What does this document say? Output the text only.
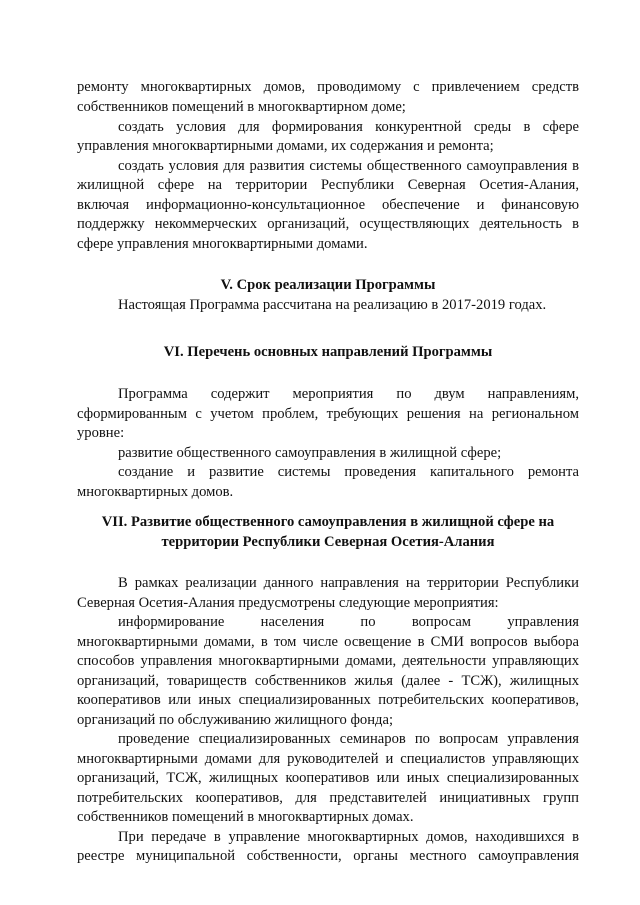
ремонту многоквартирных домов, проводимому с привлечением средств
собственников помещений в многоквартирном доме;
создать условия для формирования конкурентной среды в сфере
управления многоквартирными домами, их содержания и ремонта;
создать условия для развития системы общественного самоуправления в
жилищной сфере на территории Республики Северная Осетия-Алания,
включая информационно-консультационное обеспечение и финансовую
поддержку некоммерческих организаций, осуществляющих деятельность в
сфере управления многоквартирными домами.
V. Срок реализации Программы
Настоящая Программа рассчитана на реализацию в 2017-2019 годах.
VI. Перечень основных направлений Программы
Программа содержит мероприятия по двум направлениям,
сформированным с учетом проблем, требующих решения на региональном
уровне:
развитие общественного самоуправления в жилищной сфере;
создание и развитие системы проведения капитального ремонта
многоквартирных домов.
VII. Развитие общественного самоуправления в жилищной сфере на
территории Республики Северная Осетия-Алания
В рамках реализации данного направления на территории Республики
Северная Осетия-Алания предусмотрены следующие мероприятия:
информирование населения по вопросам управления
многоквартирными домами, в том числе освещение в СМИ вопросов выбора
способов управления многоквартирными домами, деятельности управляющих
организаций, товариществ собственников жилья (далее - ТСЖ), жилищных
кооперативов или иных специализированных потребительских кооперативов,
организаций по обслуживанию жилищного фонда;
проведение специализированных семинаров по вопросам управления
многоквартирными домами для руководителей и специалистов управляющих
организаций, ТСЖ, жилищных кооперативов или иных специализированных
потребительских кооперативов, для представителей инициативных групп
собственников помещений в многоквартирных домах.
При передаче в управление многоквартирных домов, находившихся в
реестре муниципальной собственности, органы местного самоуправления
